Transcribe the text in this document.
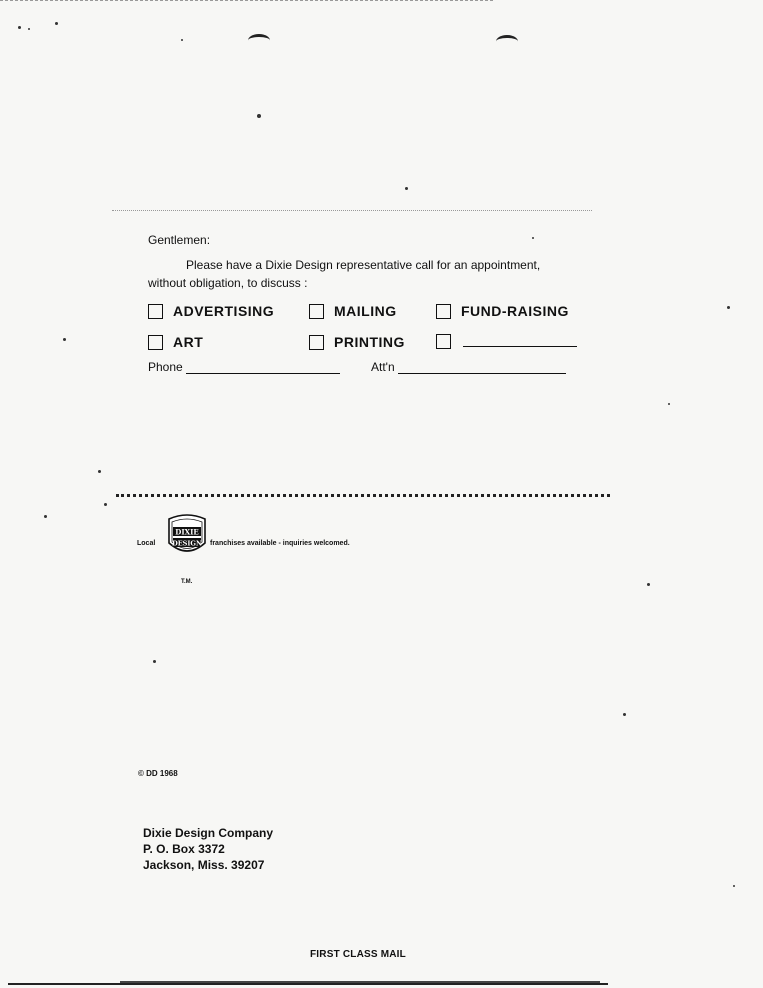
Gentlemen:
Please have a Dixie Design representative call for an appointment,
without obligation, to discuss :
ADVERTISING	MAILING	FUND-RAISING
ART	PRINTING
Phone	Att'n
Local
DIXIE
DESIGN franchises available - inquiries welcomed.
T.M.
© DD 1968
Dixie Design Company
P. O. Box 3372
Jackson, Miss. 39207
FIRST CLASS MAIL
